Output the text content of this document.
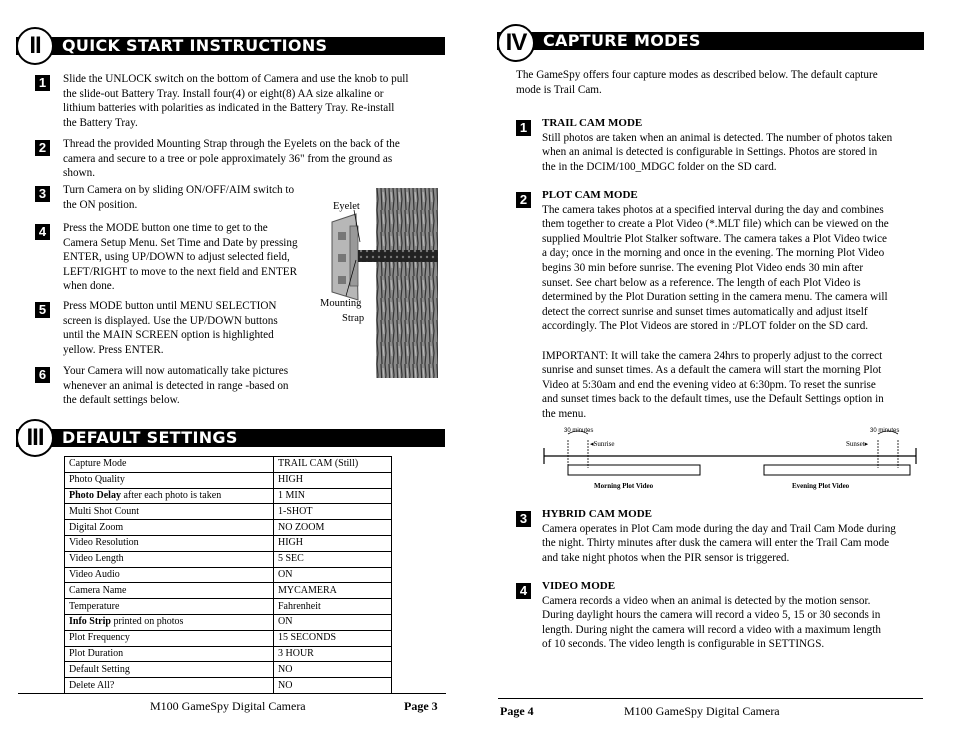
II	QUICK START INSTRUCTIONS
1	Slide the UNLOCK switch on the bottom of Camera and use the knob to pull
the slide-out Battery Tray. Install four(4) or eight(8) AA size alkaline or
lithium batteries with polarities as indicated in the Battery Tray. Re-install
the Battery Tray.
2	Thread the provided Mounting Strap through the Eyelets on the back of the
camera and secure to a tree or pole approximately 36" from the ground as
shown.
3	Turn Camera on by sliding ON/OFF/AIM switch to
the ON position.
4	Press the MODE button one time to get to the
Camera Setup Menu. Set Time and Date by pressing
ENTER, using UP/DOWN to adjust selected field,
LEFT/RIGHT to move to the next field and ENTER
when done.
5	Press MODE button until MENU SELECTION
screen is displayed. Use the UP/DOWN buttons
until the MAIN SCREEN option is highlighted
yellow. Press ENTER.
6	Your Camera will now automatically take pictures
whenever an animal is detected in range -based on
the default settings below.
Eyelet
Mounting
Strap
III	DEFAULT SETTINGS
Capture Mode	TRAIL CAM (Still)
Photo Quality	HIGH
Photo Delay after each photo is taken	1 MIN
Multi Shot Count	1-SHOT
Digital Zoom	NO ZOOM
Video Resolution	HIGH
Video Length	5 SEC
Video Audio	ON
Camera Name	MYCAMERA
Temperature	Fahrenheit
Info Strip printed on photos	ON
Plot Frequency	15 SECONDS
Plot Duration	3 HOUR
Default Setting	NO
Delete All?	NO
M100 GameSpy Digital Camera	Page 3
IV	CAPTURE MODES
The GameSpy offers four capture modes as described below. The default capture
mode is Trail Cam.
1	TRAIL CAM MODE
Still photos are taken when an animal is detected. The number of photos taken
when an animal is detected is configurable in Settings. Photos are stored in
the in the DCIM/100_MDGC folder on the SD card.
2	PLOT CAM MODE
The camera takes photos at a specified interval during the day and combines
them together to create a Plot Video (*.MLT file) which can be viewed on the
supplied Moultrie Plot Stalker software. The camera takes a Plot Video twice
a day; once in the morning and once in the evening. The morning Plot Video
begins 30 min before sunrise. The evening Plot Video ends 30 min after
sunset. See chart below as a reference. The length of each Plot Video is
determined by the Plot Duration setting in the camera menu. The camera will
detect the correct sunrise and sunset times automatically and adjust itself
accordingly. The Plot Videos are stored in :/PLOT folder on the SD card.
IMPORTANT: It will take the camera 24hrs to properly adjust to the correct
sunrise and sunset times. As a default the camera will start the morning Plot
Video at 5:30am and end the evening video at 6:30pm. To reset the sunrise
and sunset times back to the default times, use the Default Settings option in
the menu.
3	HYBRID CAM MODE
Camera operates in Plot Cam mode during the day and Trail Cam Mode during
the night. Thirty minutes after dusk the camera will enter the Trail Cam mode
and take night photos when the PIR sensor is triggered.
4	VIDEO MODE
Camera records a video when an animal is detected by the motion sensor.
During daylight hours the camera will record a video 5, 15 or 30 seconds in
length. During night the camera will record a video with a maximum length
of 10 seconds. The video length is configurable in SETTINGS.
30 minutes	30 minutes
◂Sunrise	Sunset▸
Morning Plot Video	Evening Plot Video
Page 4	M100 GameSpy Digital Camera
